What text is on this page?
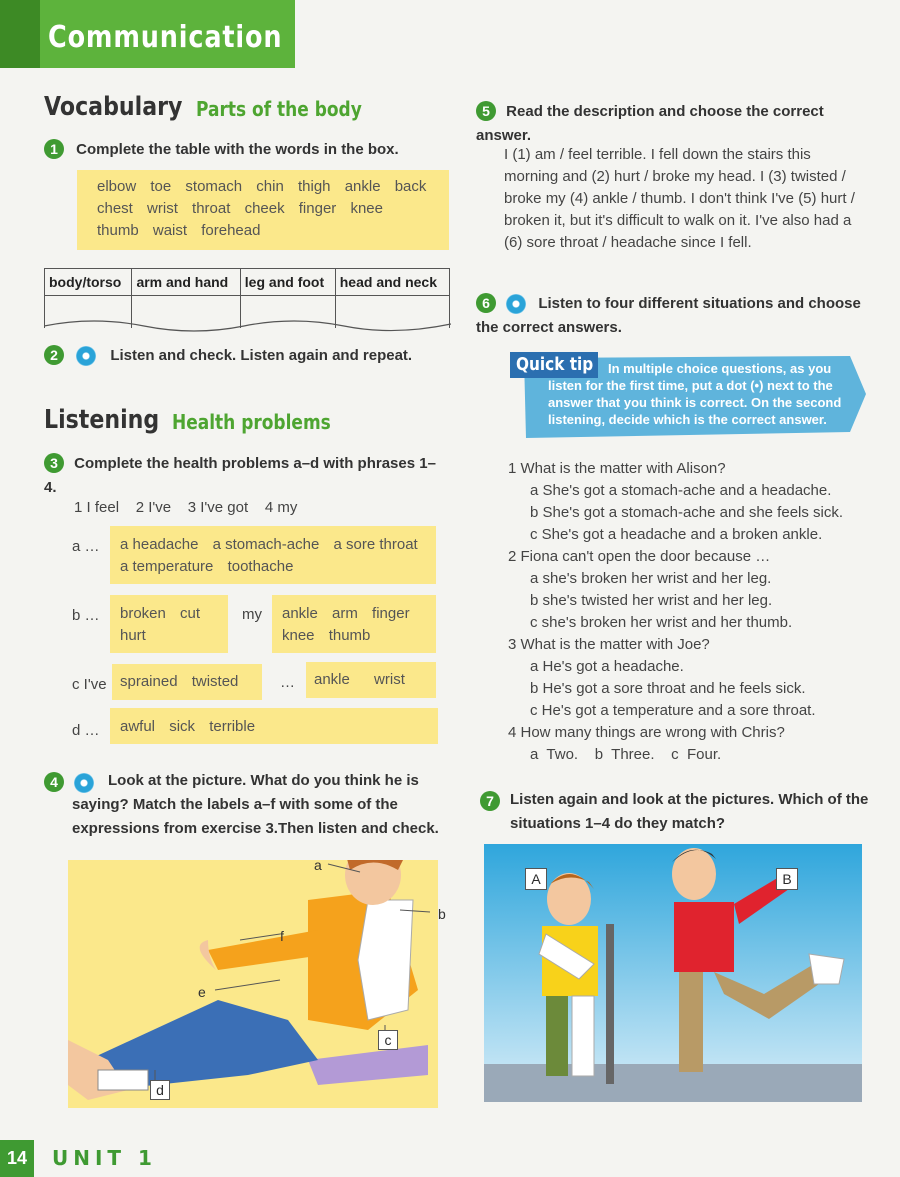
Communication
Vocabulary Parts of the body
1 Complete the table with the words in the box.
elbow toe stomach chin thigh ankle back
chest wrist throat cheek finger knee
thumb waist forehead
body/torso	arm and hand	leg and foot	head and neck

2	Listen and check. Listen again and repeat.
Listening Health problems
3 Complete the health problems a–d with phrases 1–4.
1 I feel    2 I've    3 I've got    4 my
a …	a headache a stomach-ache a sore throat
a temperature toothache
b …	broken cut
hurt
my	ankle arm finger
knee thumb
c I've sprained twisted	…	ankle wrist
d …	awful sick terrible
4	Look at the picture. What do you think he is saying? Match the labels a–f with some of the expressions from exercise 3.Then listen and check.
a
b
c
d
e
f
5 Read the description and choose the correct answer.
I (1) am / feel terrible. I fell down the stairs this morning and (2) hurt / broke my head. I (3) twisted / broke my (4) ankle / thumb. I don't think I've (5) hurt / broken it, but it's difficult to walk on it. I've also had a (6) sore throat / headache since I fell.
6	Listen to four different situations and choose the correct answers.
Quick tip	In multiple choice questions, as you listen for the first time, put a dot (•) next to the answer that you think is correct. On the second listening, decide which is the correct answer.
1 What is the matter with Alison?
a She's got a stomach-ache and a headache.
b She's got a stomach-ache and she feels sick.
c She's got a headache and a broken ankle.
2 Fiona can't open the door because …
a she's broken her wrist and her leg.
b she's twisted her wrist and her leg.
c she's broken her wrist and her thumb.
3 What is the matter with Joe?
a He's got a headache.
b He's got a sore throat and he feels sick.
c He's got a temperature and a sore throat.
4 How many things are wrong with Chris?
a  Two.    b  Three.    c  Four.
7	Listen again and look at the pictures. Which of the situations 1–4 do they match?
A	B
14	UNIT 1
